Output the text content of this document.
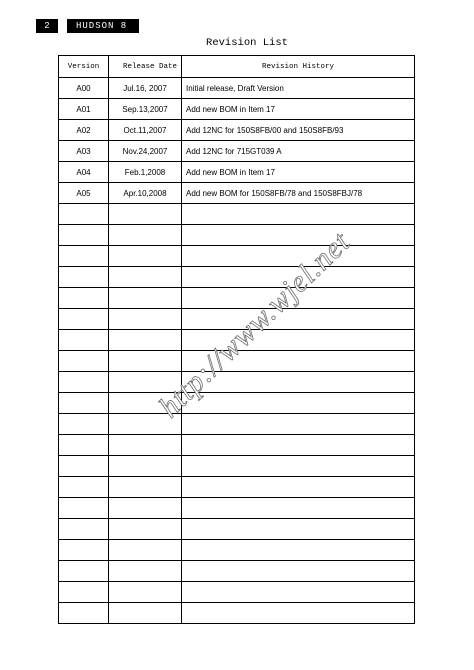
2	HUDSON 8
Revision List
Version	Release Date	Revision History
A00	Jul.16, 2007	Initial release, Draft Version
A01	Sep.13,2007	Add new BOM in Item 17
A02	Oct.11,2007	Add 12NC for 150S8FB/00 and 150S8FB/93
A03	Nov.24,2007	Add 12NC for 715GT039 A
A04	Feb.1,2008	Add new BOM in Item 17
A05	Apr.10,2008	Add new BOM for 150S8FB/78 and 150S8FBJ/78

http://www.wjel.net
